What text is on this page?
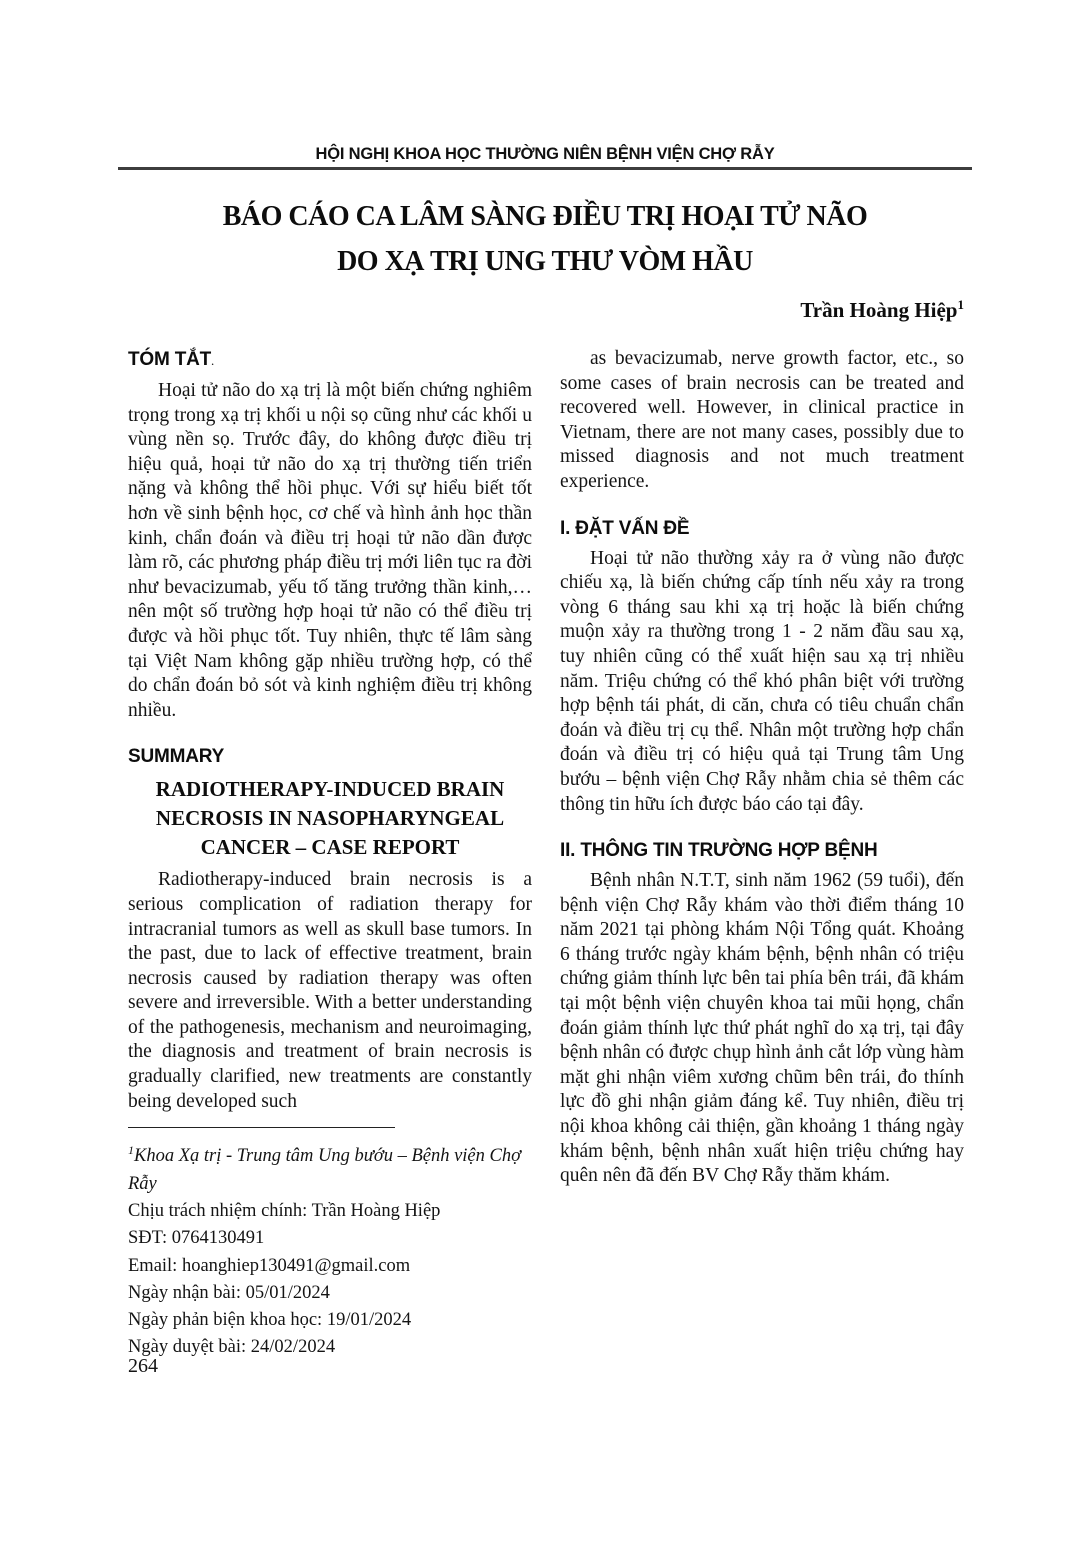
HỘI NGHỊ KHOA HỌC THƯỜNG NIÊN BỆNH VIỆN CHỢ RẪY
BÁO CÁO CA LÂM SÀNG ĐIỀU TRỊ HOẠI TỬ NÃO
DO XẠ TRỊ UNG THƯ VÒM HẦU
Trần Hoàng Hiệp$^1$
TÓM TẮT.

Hoại tử não do xạ trị là một biến chứng nghiêm trọng trong xạ trị khối u nội sọ cũng như các khối u vùng nền sọ. Trước đây, do không được điều trị hiệu quả, hoại tử não do xạ trị thường tiến triển nặng và không thể hồi phục. Với sự hiểu biết tốt hơn về sinh bệnh học, cơ chế và hình ảnh học thần kinh, chẩn đoán và điều trị hoại tử não dần được làm rõ, các phương pháp điều trị mới liên tục ra đời như bevacizumab, yếu tố tăng trưởng thần kinh,… nên một số trường hợp hoại tử não có thể điều trị được và hồi phục tốt. Tuy nhiên, thực tế lâm sàng tại Việt Nam không gặp nhiều trường hợp, có thể do chẩn đoán bỏ sót và kinh nghiệm điều trị không nhiều.

SUMMARY
RADIOTHERAPY-INDUCED BRAIN NECROSIS IN NASOPHARYNGEAL CANCER – CASE REPORT

Radiotherapy-induced brain necrosis is a serious complication of radiation therapy for intracranial tumors as well as skull base tumors. In the past, due to lack of effective treatment, brain necrosis caused by radiation therapy was often severe and irreversible. With a better understanding of the pathogenesis, mechanism and neuroimaging, the diagnosis and treatment of brain necrosis is gradually clarified, new treatments are constantly being developed such

$^1$Khoa Xạ trị - Trung tâm Ung bướu – Bệnh viện Chợ Rẫy
Chịu trách nhiệm chính: Trần Hoàng Hiệp
SĐT: 0764130491
Email: hoanghiep130491@gmail.com
Ngày nhận bài: 05/01/2024
Ngày phản biện khoa học: 19/01/2024
Ngày duyệt bài: 24/02/2024

as bevacizumab, nerve growth factor, etc., so some cases of brain necrosis can be treated and recovered well. However, in clinical practice in Vietnam, there are not many cases, possibly due to missed diagnosis and not much treatment experience.

I. ĐẶT VẤN ĐỀ

Hoại tử não thường xảy ra ở vùng não được chiếu xạ, là biến chứng cấp tính nếu xảy ra trong vòng 6 tháng sau khi xạ trị hoặc là biến chứng muộn xảy ra thường trong 1 - 2 năm đầu sau xạ, tuy nhiên cũng có thể xuất hiện sau xạ trị nhiều năm. Triệu chứng có thể khó phân biệt với trường hợp bệnh tái phát, di căn, chưa có tiêu chuẩn chẩn đoán và điều trị cụ thể. Nhân một trường hợp chẩn đoán và điều trị có hiệu quả tại Trung tâm Ung bướu – bệnh viện Chợ Rẫy nhằm chia sẻ thêm các thông tin hữu ích được báo cáo tại đây.

II. THÔNG TIN TRƯỜNG HỢP BỆNH

Bệnh nhân N.T.T, sinh năm 1962 (59 tuổi), đến bệnh viện Chợ Rẫy khám vào thời điểm tháng 10 năm 2021 tại phòng khám Nội Tổng quát. Khoảng 6 tháng trước ngày khám bệnh, bệnh nhân có triệu chứng giảm thính lực bên tai phía bên trái, đã khám tại một bệnh viện chuyên khoa tai mũi họng, chẩn đoán giảm thính lực thứ phát nghĩ do xạ trị, tại đây bệnh nhân có được chụp hình ảnh cắt lớp vùng hàm mặt ghi nhận viêm xương chũm bên trái, đo thính lực đồ ghi nhận giảm đáng kể. Tuy nhiên, điều trị nội khoa không cải thiện, gần khoảng 1 tháng ngày khám bệnh, bệnh nhân xuất hiện triệu chứng hay quên nên đã đến BV Chợ Rẫy thăm khám.

264
